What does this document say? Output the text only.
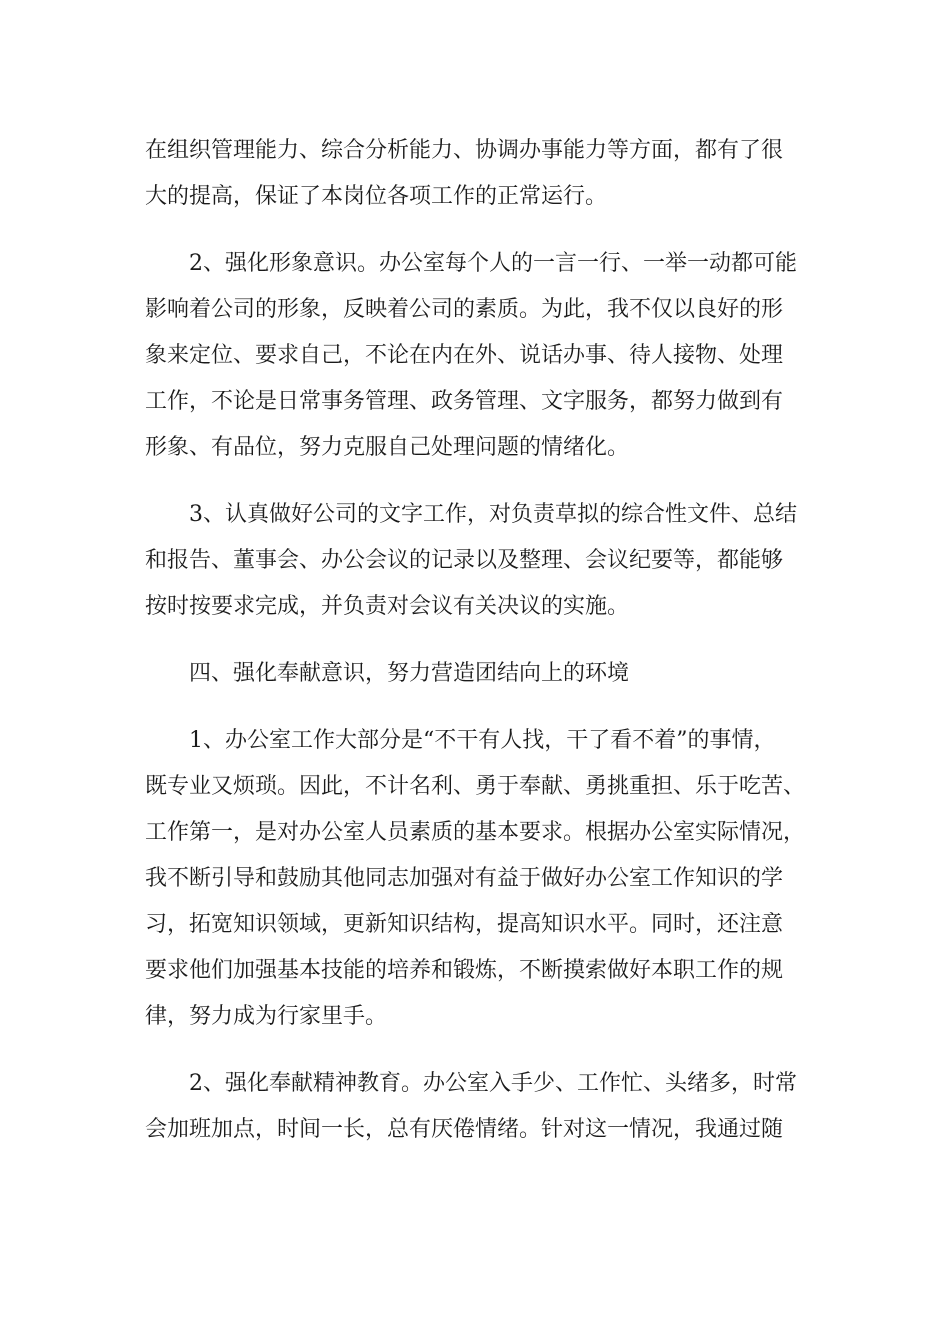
在组织管理能力、综合分析能力、协调办事能力等方面，都有了很
大的提高，保证了本岗位各项工作的正常运行。
2、强化形象意识。办公室每个人的一言一行、一举一动都可能
影响着公司的形象，反映着公司的素质。为此，我不仅以良好的形
象来定位、要求自己，不论在内在外、说话办事、待人接物、处理
工作，不论是日常事务管理、政务管理、文字服务，都努力做到有
形象、有品位，努力克服自己处理问题的情绪化。
3、认真做好公司的文字工作，对负责草拟的综合性文件、总结
和报告、董事会、办公会议的记录以及整理、会议纪要等，都能够
按时按要求完成，并负责对会议有关决议的实施。
四、强化奉献意识，努力营造团结向上的环境
1、办公室工作大部分是“不干有人找，干了看不着”的事情，
既专业又烦琐。因此，不计名利、勇于奉献、勇挑重担、乐于吃苦、
工作第一，是对办公室人员素质的基本要求。根据办公室实际情况，
我不断引导和鼓励其他同志加强对有益于做好办公室工作知识的学
习，拓宽知识领域，更新知识结构，提高知识水平。同时，还注意
要求他们加强基本技能的培养和锻炼，不断摸索做好本职工作的规
律，努力成为行家里手。
2、强化奉献精神教育。办公室入手少、工作忙、头绪多，时常
会加班加点，时间一长，总有厌倦情绪。针对这一情况，我通过随
